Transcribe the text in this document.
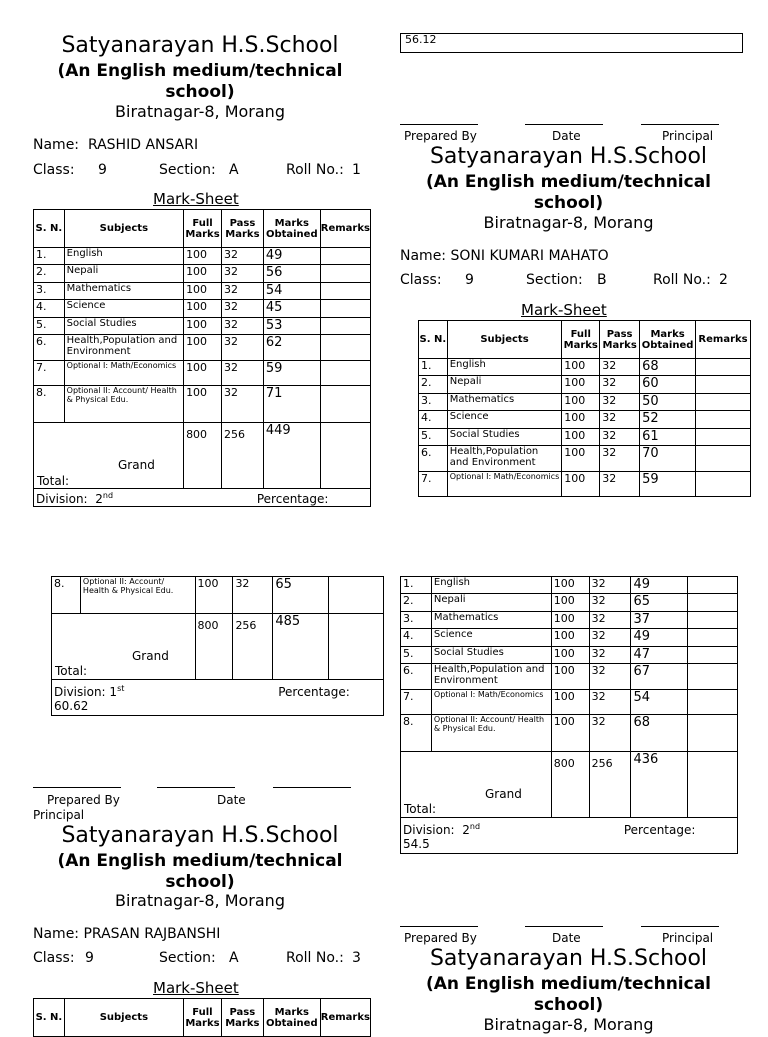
56.12
Satyanarayan H.S.School
(An English medium/technical school)
Biratnagar-8, Morang
Name: RASHID ANSARI
Class: 9	Section: A	Roll No.: 1
Mark-Sheet
S. N.	Subjects	Full Marks	Pass Marks	Marks Obtained	Remarks
1.	English	100	32	49	
2.	Nepali	100	32	56	
3.	Mathematics	100	32	54	
4.	Science	100	32	45	
5.	Social Studies	100	32	53	
6.	Health,Population and Environment	100	32	62	
7.	Optional I: Math/Economics	100	32	59	
8.	Optional II: Account/ Health & Physical Edu.	100	32	71	

Grand
Total:		800	256	449	
Division: 2nd Percentage:					
Prepared By	Date	Principal
Satyanarayan H.S.School
(An English medium/technical school)
Biratnagar-8, Morang
Name: SONI KUMARI MAHATO
Class: 9	Section: B	Roll No.: 2
Mark-Sheet
S. N.	Subjects	Full Marks	Pass Marks	Marks Obtained	Remarks
1.	English	100	32	68	
2.	Nepali	100	32	60	
3.	Mathematics	100	32	50	
4.	Science	100	32	52	
5.	Social Studies	100	32	61	
6.	Health,Population and Environment	100	32	70	
7.	Optional I: Math/Economics	100	32	59	
8.	Optional II: Account/ Health & Physical Edu.	100	32	65	

Grand
Total:		800	256	485	
Division: 1st Percentage:
60.62					
Prepared By	Date
Principal
1.	English	100	32	49	
2.	Nepali	100	32	65	
3.	Mathematics	100	32	37	
4.	Science	100	32	49	
5.	Social Studies	100	32	47	
6.	Health,Population and Environment	100	32	67	
7.	Optional I: Math/Economics	100	32	54	
8.	Optional II: Account/ Health & Physical Edu.	100	32	68	

Grand
Total:		800	256	436	
Division: 2nd Percentage:
54.5					
Satyanarayan H.S.School
(An English medium/technical school)
Biratnagar-8, Morang
Name: PRASAN RAJBANSHI
Class: 9	Section: A	Roll No.: 3
Mark-Sheet
S. N.	Subjects	Full Marks	Pass Marks	Marks Obtained	Remarks
Prepared By	Date	Principal
Satyanarayan H.S.School
(An English medium/technical school)
Biratnagar-8, Morang
